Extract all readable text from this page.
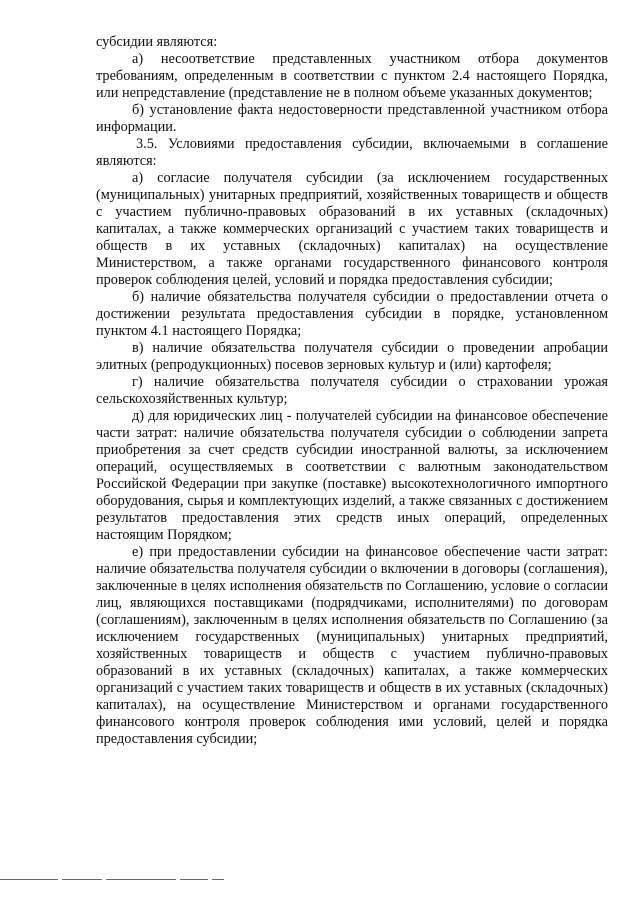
субсидии являются:

а) несоответствие представленных участником отбора документов требованиям, определенным в соответствии с пунктом 2.4 настоящего Порядка, или непредставление (представление не в полном объеме указанных документов;

б) установление факта недостоверности представленной участником отбора информации.

3.5. Условиями предоставления субсидии, включаемыми в соглашение являются:

а) согласие получателя субсидии (за исключением государственных (муниципальных) унитарных предприятий, хозяйственных товариществ и обществ с участием публично-правовых образований в их уставных (складочных) капиталах, а также коммерческих организаций с участием таких товариществ и обществ в их уставных (складочных) капиталах) на осуществление Министерством, а также органами государственного финансового контроля проверок соблюдения целей, условий и порядка предоставления субсидии;

б) наличие обязательства получателя субсидии о предоставлении отчета о достижении результата предоставления субсидии в порядке, установленном пунктом 4.1 настоящего Порядка;

в) наличие обязательства получателя субсидии о проведении апробации элитных (репродукционных) посевов зерновых культур и (или) картофеля;

г) наличие обязательства получателя субсидии о страховании урожая сельскохозяйственных культур;

д) для юридических лиц - получателей субсидии на финансовое обеспечение части затрат: наличие обязательства получателя субсидии о соблюдении запрета приобретения за счет средств субсидии иностранной валюты, за исключением операций, осуществляемых в соответствии с валютным законодательством Российской Федерации при закупке (поставке) высокотехнологичного импортного оборудования, сырья и комплектующих изделий, а также связанных с достижением результатов предоставления этих средств иных операций, определенных настоящим Порядком;

е) при предоставлении субсидии на финансовое обеспечение части затрат: наличие обязательства получателя субсидии о включении в договоры (соглашения), заключенные в целях исполнения обязательств по Соглашению, условие о согласии лиц, являющихся поставщиками (подрядчиками, исполнителями) по договорам (соглашениям), заключенным в целях исполнения обязательств по Соглашению (за исключением государственных (муниципальных) унитарных предприятий, хозяйственных товариществ и обществ с участием публично-правовых образований в их уставных (складочных) капиталах, а также коммерческих организаций с участием таких товариществ и обществ в их уставных (складочных) капиталах), на осуществление Министерством и органами государственного финансового контроля проверок соблюдения ими условий, целей и порядка предоставления субсидии;
